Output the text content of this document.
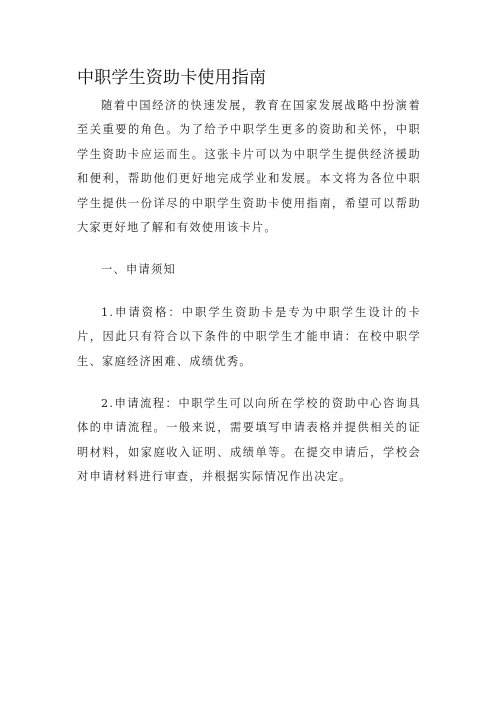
中职学生资助卡使用指南

随着中国经济的快速发展，教育在国家发展战略中扮演着至关重要的角色。为了给予中职学生更多的资助和关怀，中职学生资助卡应运而生。这张卡片可以为中职学生提供经济援助和便利，帮助他们更好地完成学业和发展。本文将为各位中职学生提供一份详尽的中职学生资助卡使用指南，希望可以帮助大家更好地了解和有效使用该卡片。

一、申请须知

1.申请资格：中职学生资助卡是专为中职学生设计的卡片，因此只有符合以下条件的中职学生才能申请：在校中职学生、家庭经济困难、成绩优秀。

2.申请流程：中职学生可以向所在学校的资助中心咨询具体的申请流程。一般来说，需要填写申请表格并提供相关的证明材料，如家庭收入证明、成绩单等。在提交申请后，学校会对申请材料进行审查，并根据实际情况作出决定。
